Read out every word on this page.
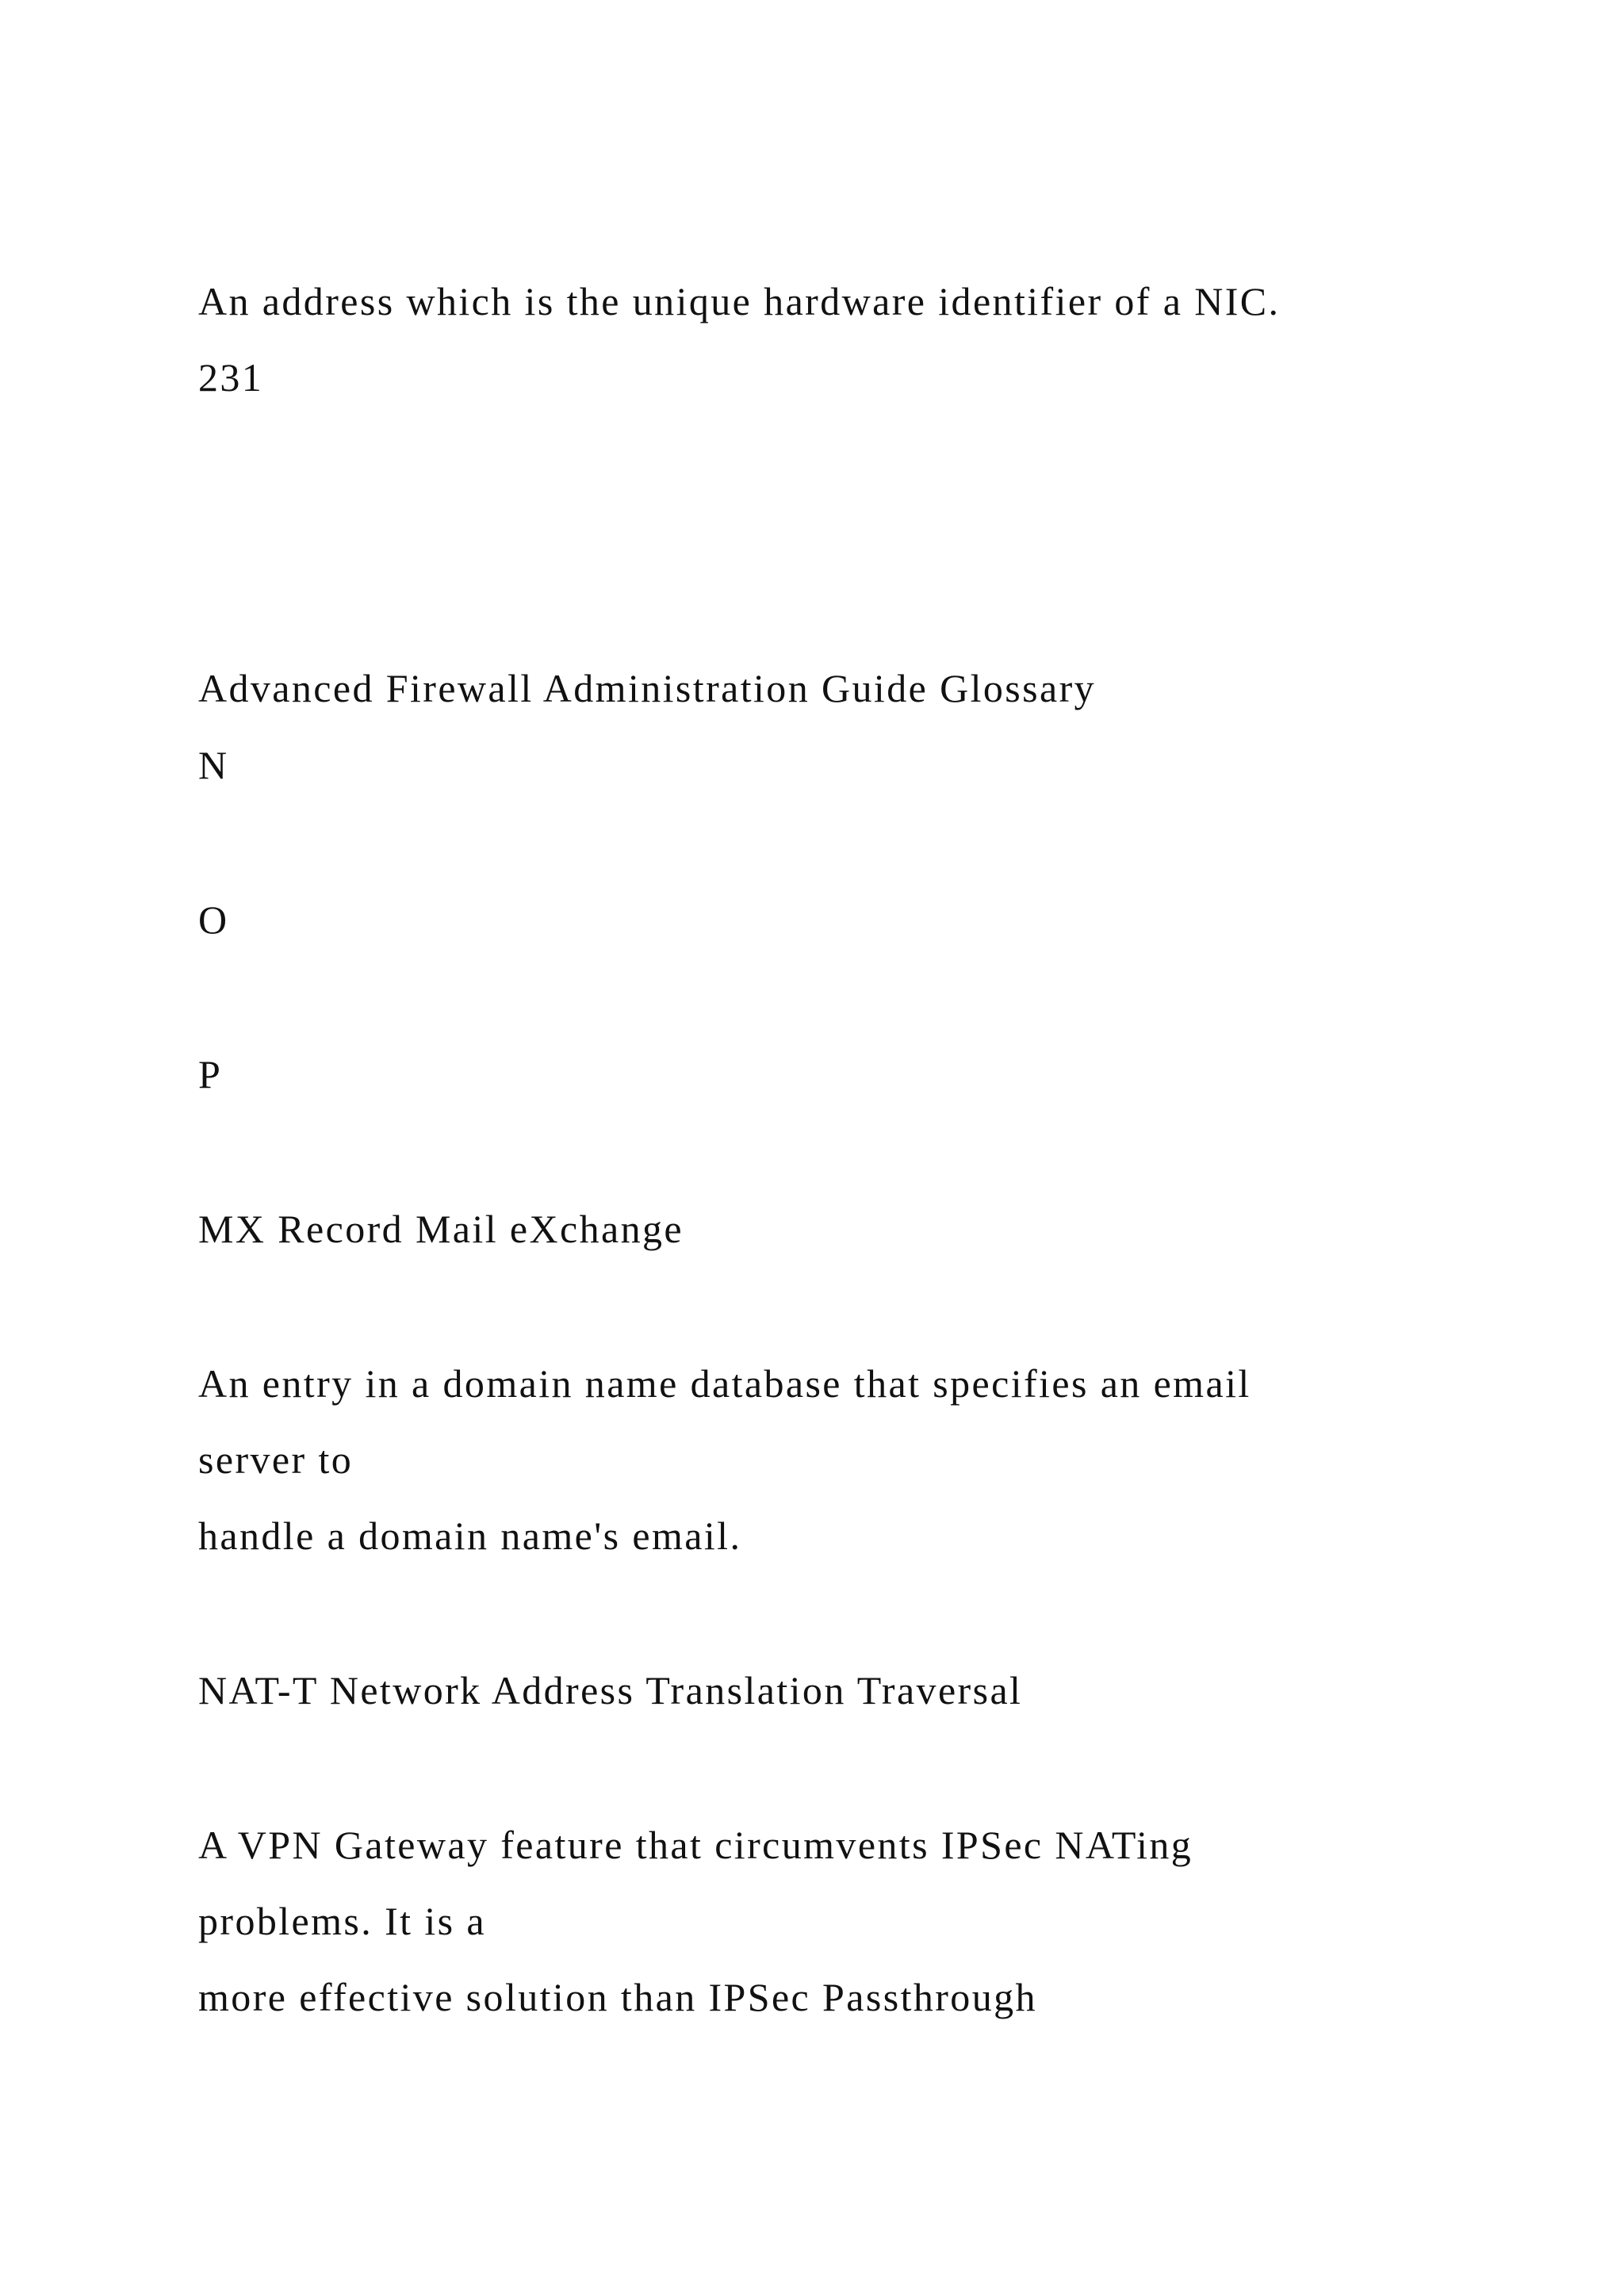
An address which is the unique hardware identifier of a NIC.
231
Advanced Firewall Administration Guide Glossary
N
O
P
MX Record Mail eXchange
An entry in a domain name database that specifies an email
server to
handle a domain name's email.
NAT-T Network Address Translation Traversal
A VPN Gateway feature that circumvents IPSec NATing
problems. It is a
more effective solution than IPSec Passthrough
